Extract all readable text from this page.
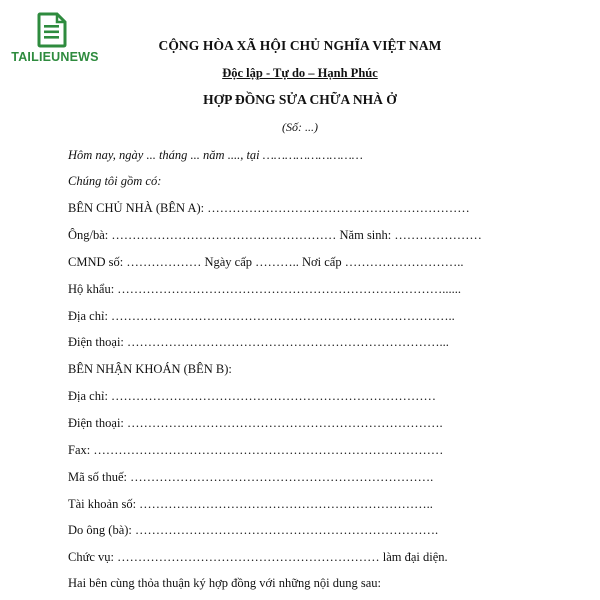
TAILIEUNEWS
CỘNG HÒA XÃ HỘI CHỦ NGHĨA VIỆT NAM
Độc lập - Tự do – Hạnh Phúc
HỢP ĐỒNG SỬA CHỮA NHÀ Ở
(Số: ...)
Hôm nay, ngày ... tháng ... năm ...., tại ………………………
Chúng tôi gồm có:
BÊN CHỦ NHÀ (BÊN A): ………………………………………………………
Ông/bà: ……………………………………………… Năm sinh: …………………
CMND số: ……………… Ngày cấp ……….. Nơi cấp ………………………..
Hộ khẩu: ……………………………………………………………………......
Địa chỉ: ………………………………………………………………………..
Điện thoại: …………………………………………………………………...
BÊN NHẬN KHOÁN (BÊN B):
Địa chỉ: ……………………………………………………………………
Điện thoại: ………………………………………………………………….
Fax: …………………………………………………………………………
Mã số thuế: ……………………………………………………………….
Tài khoản số: ……………………………………………………………..
Do ông (bà): ……………………………………………………………….
Chức vụ: ……………………………………………………… làm đại diện.
Hai bên cùng thỏa thuận ký hợp đồng với những nội dung sau:
